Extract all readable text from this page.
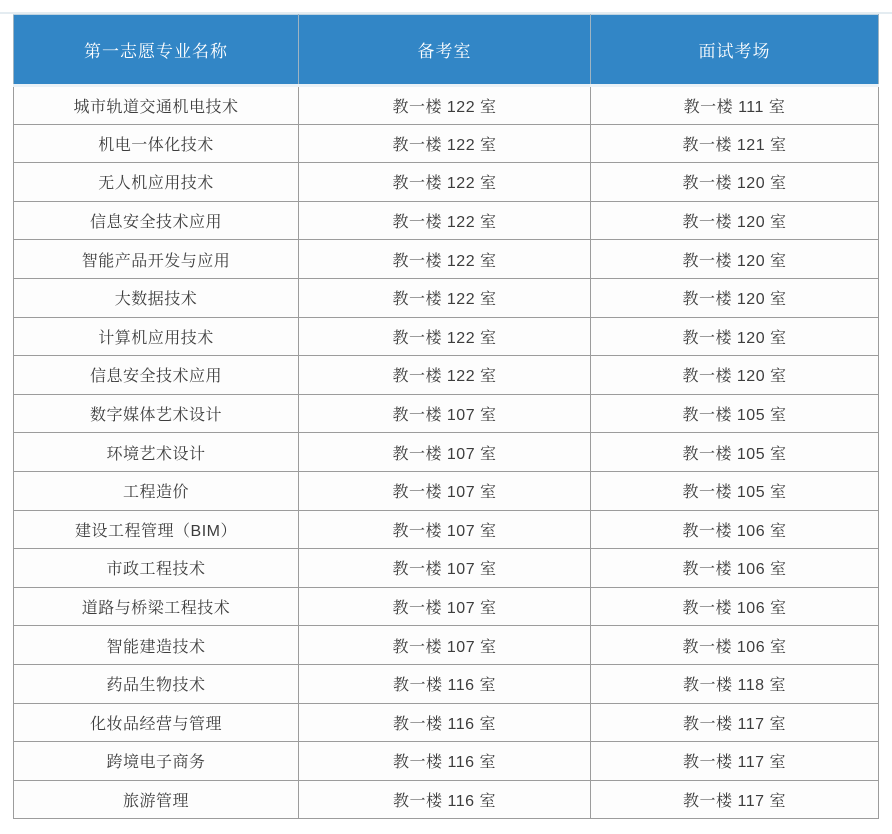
第一志愿专业名称	备考室	面试考场
城市轨道交通机电技术	教一楼 122 室	教一楼 111 室
机电一体化技术	教一楼 122 室	教一楼 121 室
无人机应用技术	教一楼 122 室	教一楼 120 室
信息安全技术应用	教一楼 122 室	教一楼 120 室
智能产品开发与应用	教一楼 122 室	教一楼 120 室
大数据技术	教一楼 122 室	教一楼 120 室
计算机应用技术	教一楼 122 室	教一楼 120 室
信息安全技术应用	教一楼 122 室	教一楼 120 室
数字媒体艺术设计	教一楼 107 室	教一楼 105 室
环境艺术设计	教一楼 107 室	教一楼 105 室
工程造价	教一楼 107 室	教一楼 105 室
建设工程管理（BIM）	教一楼 107 室	教一楼 106 室
市政工程技术	教一楼 107 室	教一楼 106 室
道路与桥梁工程技术	教一楼 107 室	教一楼 106 室
智能建造技术	教一楼 107 室	教一楼 106 室
药品生物技术	教一楼 116 室	教一楼 118 室
化妆品经营与管理	教一楼 116 室	教一楼 117 室
跨境电子商务	教一楼 116 室	教一楼 117 室
旅游管理	教一楼 116 室	教一楼 117 室
